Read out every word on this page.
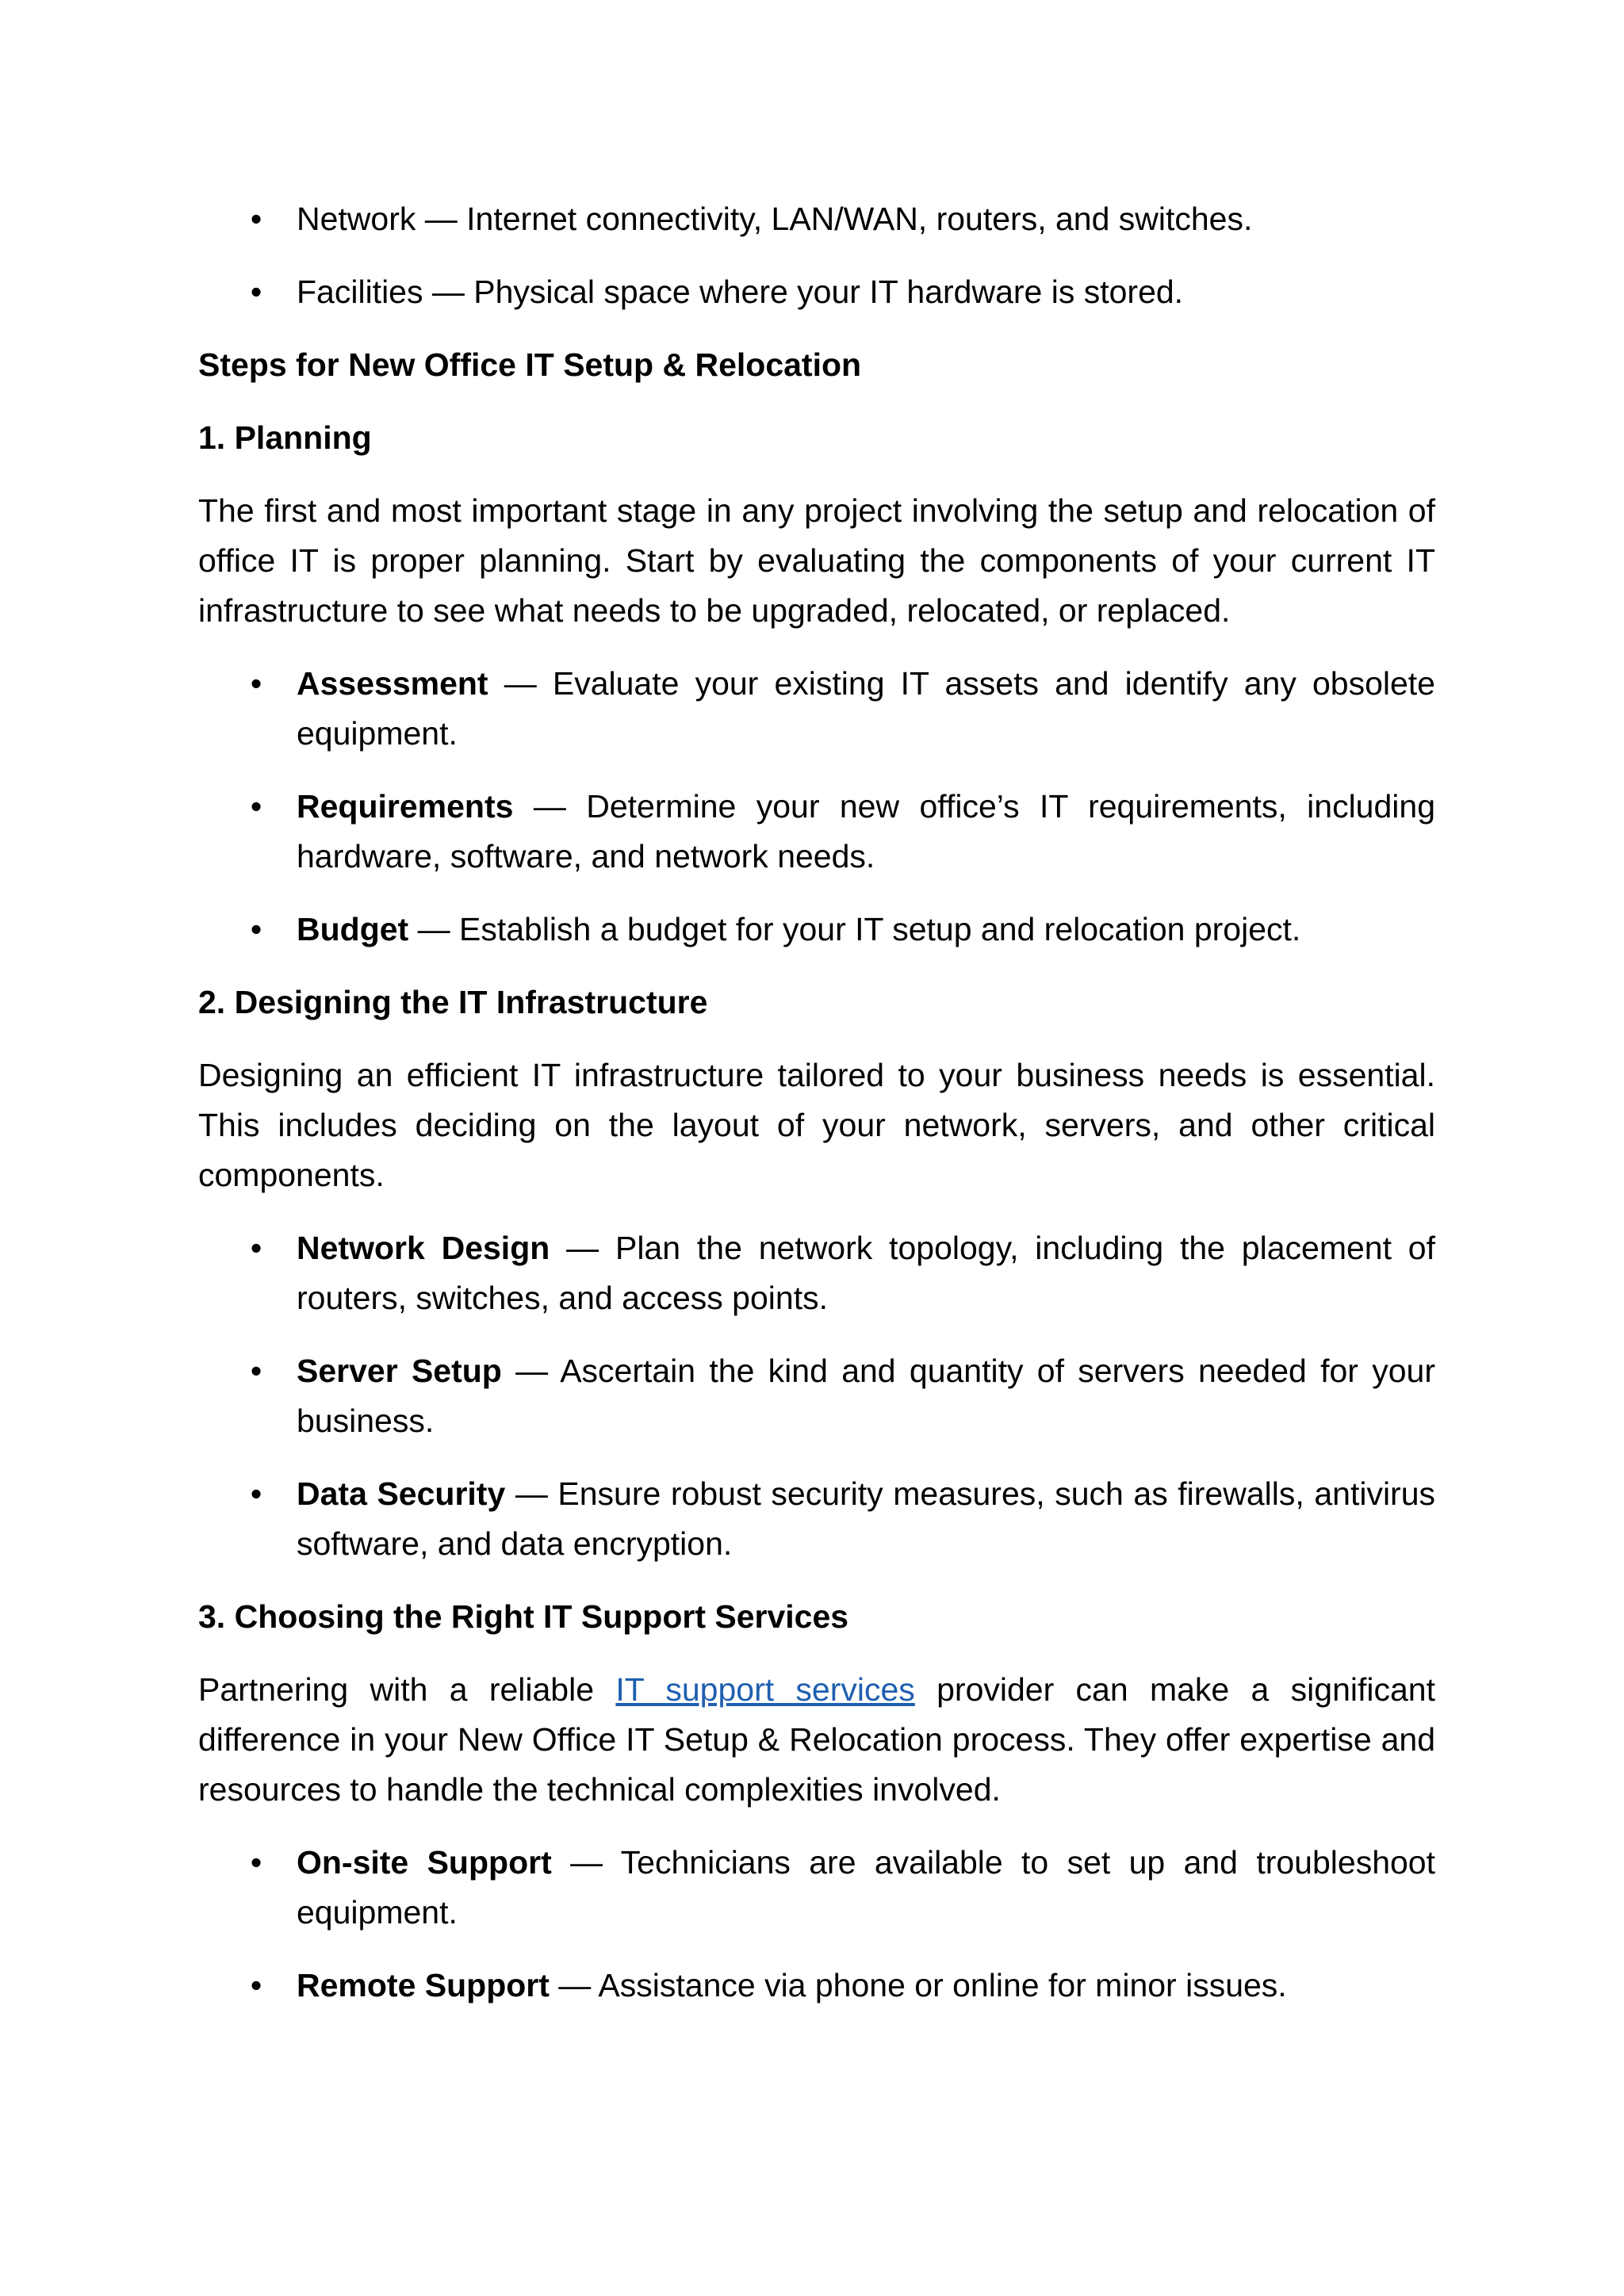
• Network — Internet connectivity, LAN/WAN, routers, and switches.
• Facilities — Physical space where your IT hardware is stored.
Steps for New Office IT Setup & Relocation
1. Planning
The first and most important stage in any project involving the setup and relocation of office IT is proper planning. Start by evaluating the components of your current IT infrastructure to see what needs to be upgraded, relocated, or replaced.
• Assessment — Evaluate your existing IT assets and identify any obsolete equipment.
• Requirements — Determine your new office’s IT requirements, including hardware, software, and network needs.
• Budget — Establish a budget for your IT setup and relocation project.
2. Designing the IT Infrastructure
Designing an efficient IT infrastructure tailored to your business needs is essential. This includes deciding on the layout of your network, servers, and other critical components.
• Network Design — Plan the network topology, including the placement of routers, switches, and access points.
• Server Setup — Ascertain the kind and quantity of servers needed for your business.
• Data Security — Ensure robust security measures, such as firewalls, antivirus software, and data encryption.
3. Choosing the Right IT Support Services
Partnering with a reliable IT support services provider can make a significant difference in your New Office IT Setup & Relocation process. They offer expertise and resources to handle the technical complexities involved.
• On-site Support — Technicians are available to set up and troubleshoot equipment.
• Remote Support — Assistance via phone or online for minor issues.
